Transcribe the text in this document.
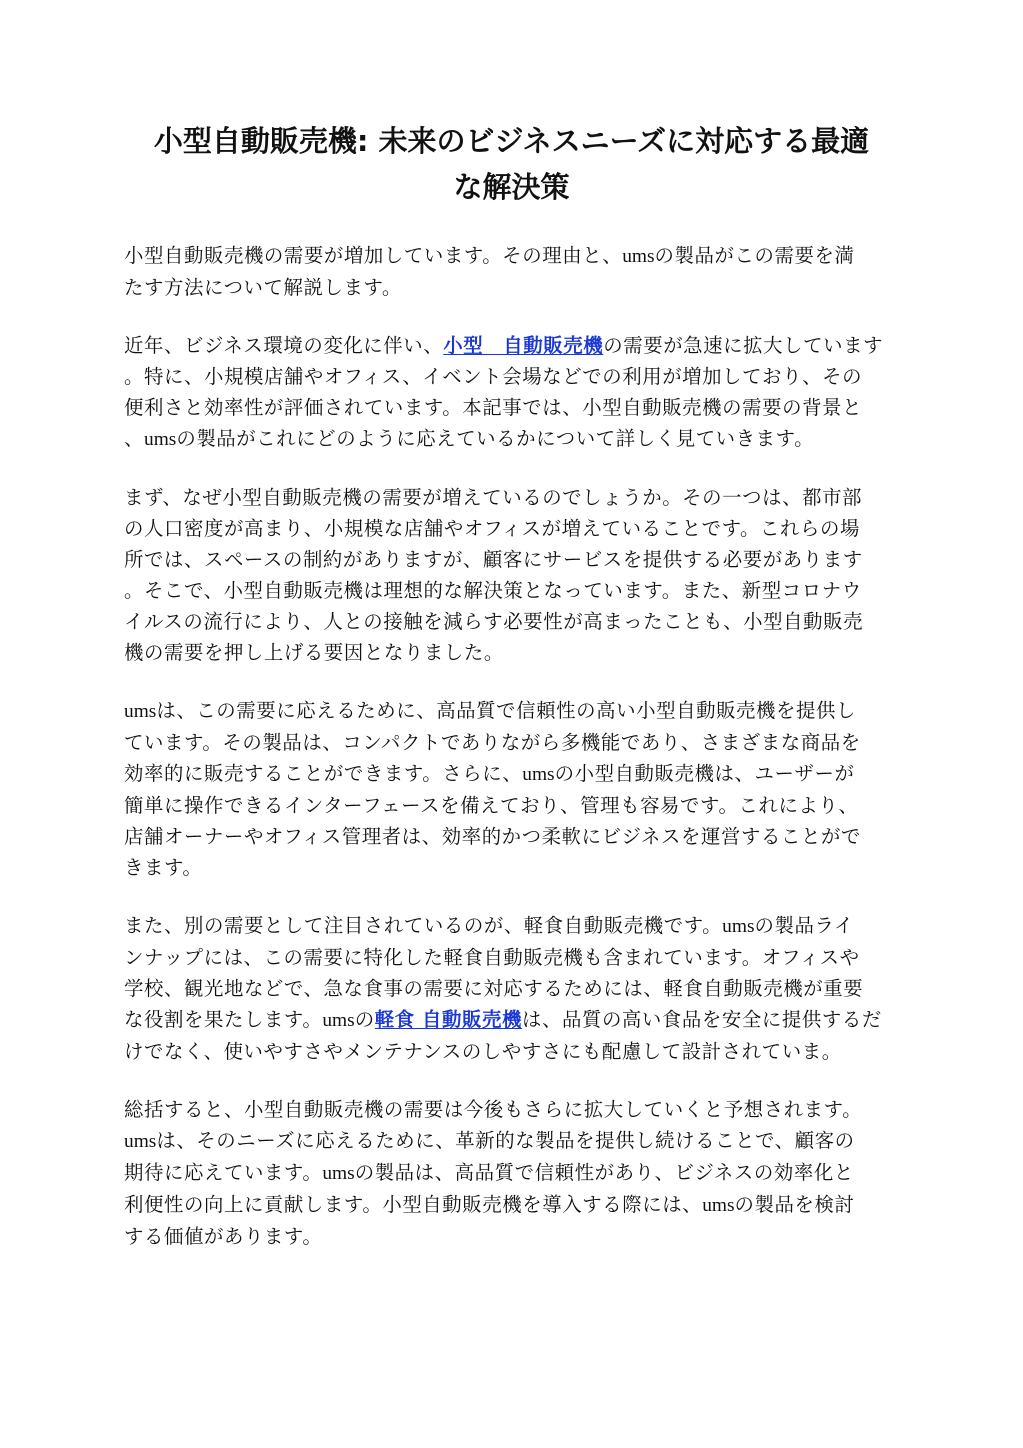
小型自動販売機: 未来のビジネスニーズに対応する最適
な解決策

小型自動販売機の需要が増加しています。その理由と、umsの製品がこの需要を満
たす方法について解説します。

近年、ビジネス環境の変化に伴い、小型　自動販売機の需要が急速に拡大しています
。特に、小規模店舗やオフィス、イベント会場などでの利用が増加しており、その
便利さと効率性が評価されています。本記事では、小型自動販売機の需要の背景と
、umsの製品がこれにどのように応えているかについて詳しく見ていきます。

まず、なぜ小型自動販売機の需要が増えているのでしょうか。その一つは、都市部
の人口密度が高まり、小規模な店舗やオフィスが増えていることです。これらの場
所では、スペースの制約がありますが、顧客にサービスを提供する必要があります
。そこで、小型自動販売機は理想的な解決策となっています。また、新型コロナウ
イルスの流行により、人との接触を減らす必要性が高まったことも、小型自動販売
機の需要を押し上げる要因となりました。

umsは、この需要に応えるために、高品質で信頼性の高い小型自動販売機を提供し
ています。その製品は、コンパクトでありながら多機能であり、さまざまな商品を
効率的に販売することができます。さらに、umsの小型自動販売機は、ユーザーが
簡単に操作できるインターフェースを備えており、管理も容易です。これにより、
店舗オーナーやオフィス管理者は、効率的かつ柔軟にビジネスを運営することがで
きます。

また、別の需要として注目されているのが、軽食自動販売機です。umsの製品ライ
ンナップには、この需要に特化した軽食自動販売機も含まれています。オフィスや
学校、観光地などで、急な食事の需要に対応するためには、軽食自動販売機が重要
な役割を果たします。umsの軽食 自動販売機は、品質の高い食品を安全に提供するだ
けでなく、使いやすさやメンテナンスのしやすさにも配慮して設計されていま。

総括すると、小型自動販売機の需要は今後もさらに拡大していくと予想されます。
umsは、そのニーズに応えるために、革新的な製品を提供し続けることで、顧客の
期待に応えています。umsの製品は、高品質で信頼性があり、ビジネスの効率化と
利便性の向上に貢献します。小型自動販売機を導入する際には、umsの製品を検討
する価値があります。
